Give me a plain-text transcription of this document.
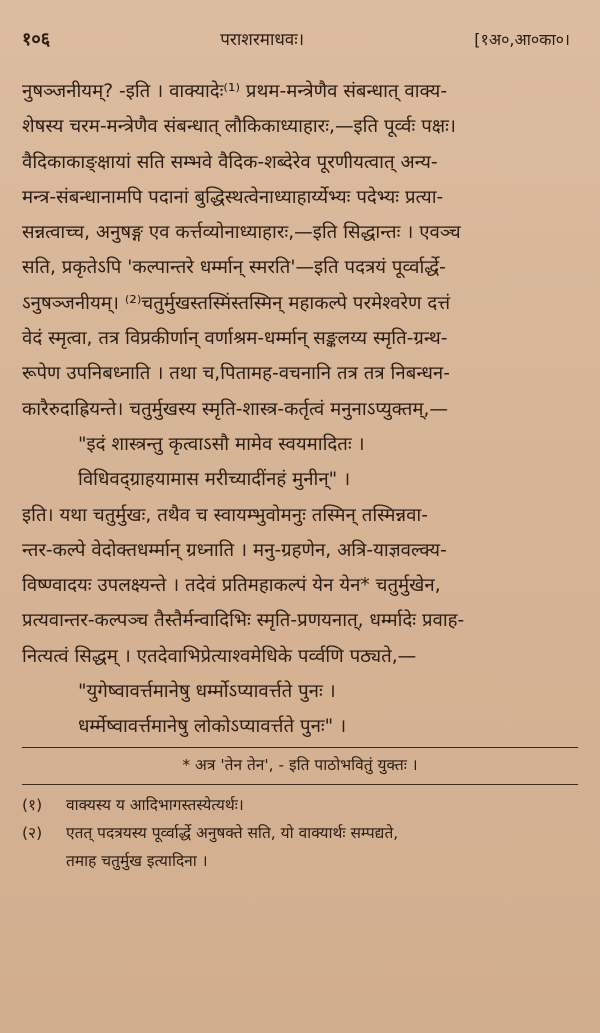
१०६	पराशरमाधवः।	[१अ०,आ०का०।
नुषञ्जनीयम्? -इति । वाक्यादेः⁽¹⁾ प्रथम-मन्त्रेणैव संबन्धात् वाक्य-
शेषस्य चरम-मन्त्रेणैव संबन्धात् लौकिकाध्याहारः,—इति पूर्व्वः पक्षः।
वैदिकाकाङ्क्षायां सति सम्भवे वैदिक-शब्देरेव पूरणीयत्वात् अन्य-
मन्त्र-संबन्धानामपि पदानां बुद्धिस्थत्वेनाध्याहार्य्येभ्यः पदेभ्यः प्रत्या-
सन्नत्वाच्च, अनुषङ्ग एव कर्त्तव्योनाध्याहारः,—इति सिद्धान्तः । एवञ्च
सति, प्रकृतेऽपि 'कल्पान्तरे धर्म्मान् स्मरति'—इति पदत्रयं पूर्व्वार्द्धे-
ऽनुषञ्जनीयम्। ⁽²⁾चतुर्मुखस्तस्मिंस्तस्मिन् महाकल्पे परमेश्वरेण दत्तं
वेदं स्मृत्वा, तत्र विप्रकीर्णान् वर्णाश्रम-धर्म्मान् सङ्कलय्य स्मृति-ग्रन्थ-
रूपेण उपनिबध्नाति । तथा च,पितामह-वचनानि तत्र तत्र निबन्धन-
कारैरुदाह्रियन्ते। चतुर्मुखस्य स्मृति-शास्त्र-कर्तृत्वं मनुनाऽप्युक्तम्,—
"इदं शास्त्रन्तु कृत्वाऽसौ मामेव स्वयमादितः ।
विधिवद्ग्राहयामास मरीच्यादींनहं मुनीन्" ।
इति। यथा चतुर्मुखः, तथैव च स्वायम्भुवोमनुः तस्मिन् तस्मिन्नवा-
न्तर-कल्पे वेदोक्तधर्म्मान् ग्रध्नाति । मनु-ग्रहणेन, अत्रि-याज्ञवल्क्य-
विष्ण्वादयः उपलक्ष्यन्ते । तदेवं प्रतिमहाकल्पं येन येन* चतुर्मुखेन,
प्रत्यवान्तर-कल्पञ्च तैस्तैर्मन्वादिभिः स्मृति-प्रणयनात्, धर्म्मादेः प्रवाह-
नित्यत्वं सिद्धम् । एतदेवाभिप्रेत्याश्वमेधिके पर्व्वणि पठ्यते,—
"युगेष्वावर्त्तमानेषु धर्म्मोऽप्यावर्त्तते पुनः ।
धर्म्मेष्वावर्त्तमानेषु लोकोऽप्यावर्त्तते पुनः" ।
* अत्र 'तेन तेन', - इति पाठोभवितुं युक्तः ।
(१)	वाक्यस्य य आदिभागस्तस्येत्यर्थः।
(२)	एतत् पदत्रयस्य पूर्व्वार्द्धे अनुषक्ते सति, यो वाक्यार्थः सम्पद्यते,
तमाह चतुर्मुख इत्यादिना ।
